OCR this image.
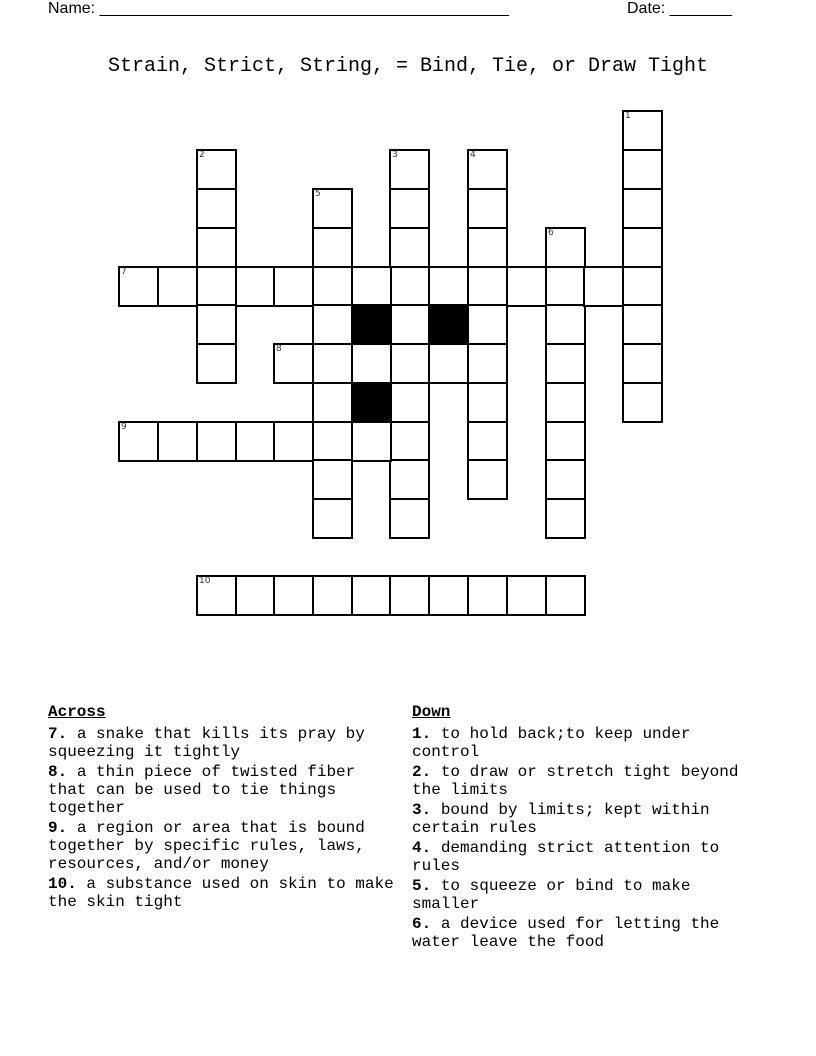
Name: ______________________________________________	Date: _______
Strain, Strict, String, = Bind, Tie, or Draw Tight
1
2	3	4
5
6
7
8
9
10
Across
7. a snake that kills its pray by squeezing it tightly
8. a thin piece of twisted fiber that can be used to tie things together
9. a region or area that is bound together by specific rules, laws, resources, and/or money
10. a substance used on skin to make the skin tight
Down
1. to hold back;to keep under control
2. to draw or stretch tight beyond the limits
3. bound by limits; kept within certain rules
4. demanding strict attention to rules
5. to squeeze or bind to make smaller
6. a device used for letting the water leave the food
